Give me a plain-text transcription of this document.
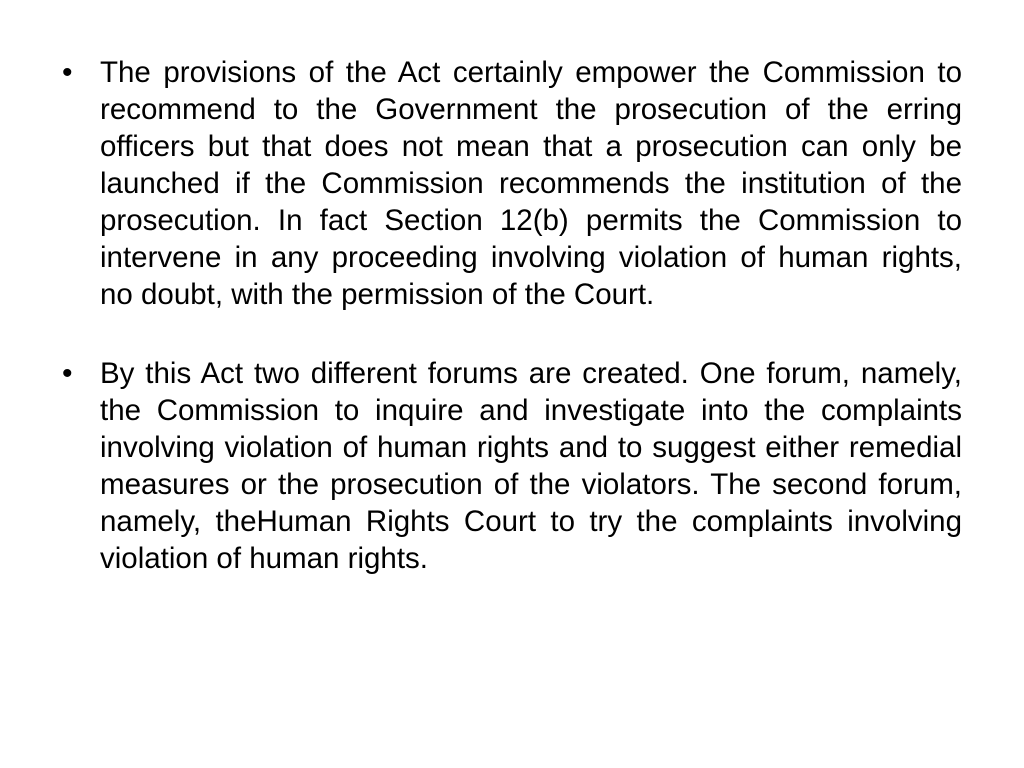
• The provisions of the Act certainly empower the Commission to recommend to the Government the prosecution of the erring officers but that does not mean that a prosecution can only be launched if the Commission recommends the institution of the prosecution. In fact Section 12(b) permits the Commission to intervene in any proceeding involving violation of human rights, no doubt, with the permission of the Court.
• By this Act two different forums are created. One forum, namely, the Commission to inquire and investigate into the complaints involving violation of human rights and to suggest either remedial measures or the prosecution of the violators. The second forum, namely, theHuman Rights Court to try the complaints involving violation of human rights.
